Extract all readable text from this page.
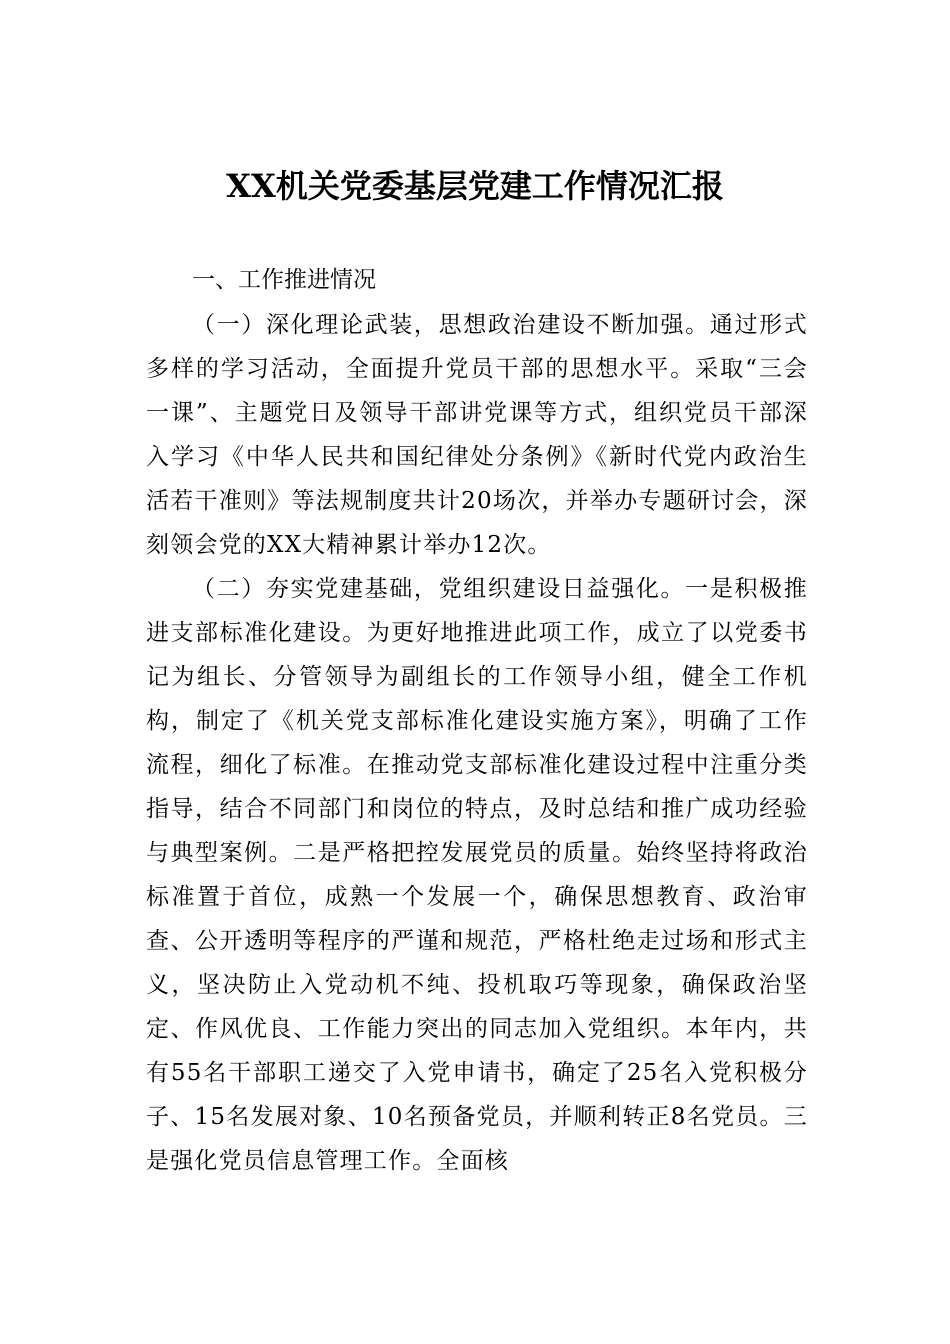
XX机关党委基层党建工作情况汇报
一、工作推进情况
（一）深化理论武装，思想政治建设不断加强。通过形式多样的学习活动，全面提升党员干部的思想水平。采取“三会一课”、主题党日及领导干部讲党课等方式，组织党员干部深入学习《中华人民共和国纪律处分条例》《新时代党内政治生活若干准则》等法规制度共计20场次，并举办专题研讨会，深刻领会党的XX大精神累计举办12次。
（二）夯实党建基础，党组织建设日益强化。一是积极推进支部标准化建设。为更好地推进此项工作，成立了以党委书记为组长、分管领导为副组长的工作领导小组，健全工作机构，制定了《机关党支部标准化建设实施方案》，明确了工作流程，细化了标准。在推动党支部标准化建设过程中注重分类指导，结合不同部门和岗位的特点，及时总结和推广成功经验与典型案例。二是严格把控发展党员的质量。始终坚持将政治标准置于首位，成熟一个发展一个，确保思想教育、政治审查、公开透明等程序的严谨和规范，严格杜绝走过场和形式主义，坚决防止入党动机不纯、投机取巧等现象，确保政治坚定、作风优良、工作能力突出的同志加入党组织。本年内，共有55名干部职工递交了入党申请书，确定了25名入党积极分子、15名发展对象、10名预备党员，并顺利转正8名党员。三是强化党员信息管理工作。全面核
